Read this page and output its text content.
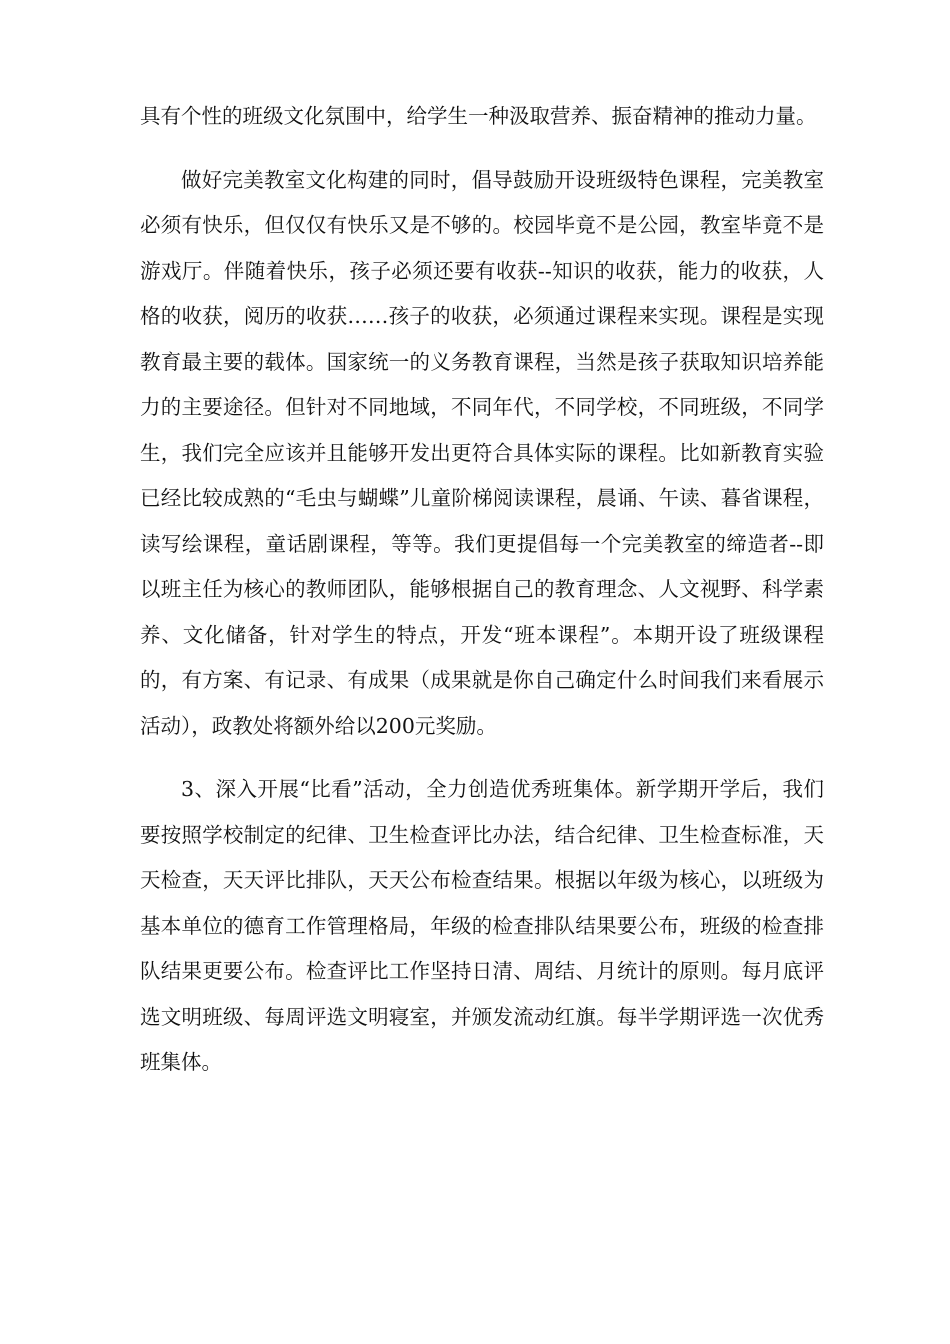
具有个性的班级文化氛围中，给学生一种汲取营养、振奋精神的推动力量。

做好完美教室文化构建的同时，倡导鼓励开设班级特色课程，完美教室必须有快乐，但仅仅有快乐又是不够的。校园毕竟不是公园，教室毕竟不是游戏厅。伴随着快乐，孩子必须还要有收获--知识的收获，能力的收获，人格的收获，阅历的收获……孩子的收获，必须通过课程来实现。课程是实现教育最主要的载体。国家统一的义务教育课程，当然是孩子获取知识培养能力的主要途径。但针对不同地域，不同年代，不同学校，不同班级，不同学生，我们完全应该并且能够开发出更符合具体实际的课程。比如新教育实验已经比较成熟的“毛虫与蝴蝶”儿童阶梯阅读课程，晨诵、午读、暮省课程，读写绘课程，童话剧课程，等等。我们更提倡每一个完美教室的缔造者--即以班主任为核心的教师团队，能够根据自己的教育理念、人文视野、科学素养、文化储备，针对学生的特点，开发“班本课程”。本期开设了班级课程的，有方案、有记录、有成果（成果就是你自己确定什么时间我们来看展示活动），政教处将额外给以200元奖励。

3、深入开展“比看”活动，全力创造优秀班集体。新学期开学后，我们要按照学校制定的纪律、卫生检查评比办法，结合纪律、卫生检查标准，天天检查，天天评比排队，天天公布检查结果。根据以年级为核心，以班级为基本单位的德育工作管理格局，年级的检查排队结果要公布，班级的检查排队结果更要公布。检查评比工作坚持日清、周结、月统计的原则。每月底评选文明班级、每周评选文明寝室，并颁发流动红旗。每半学期评选一次优秀班集体。
